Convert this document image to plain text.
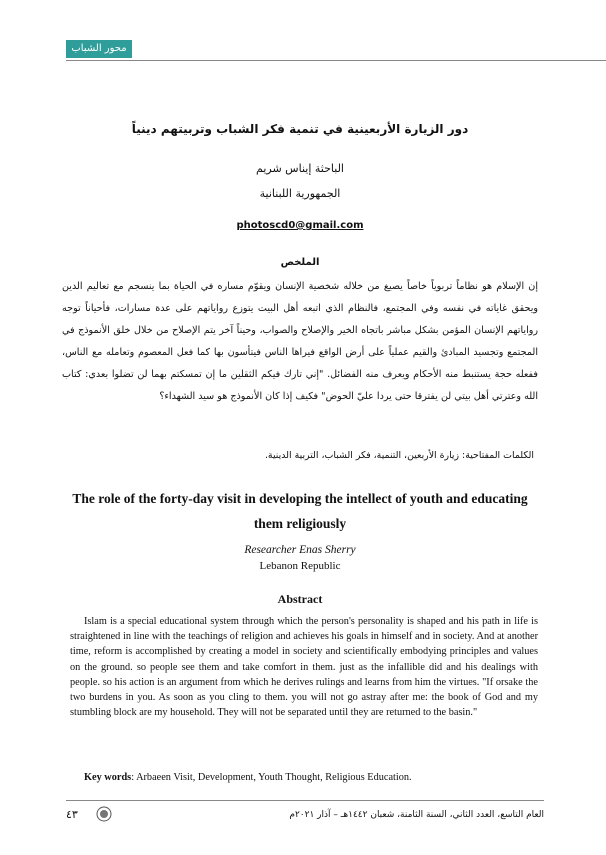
محور الشباب
دور الزيارة الأربعينية في تنمية فكر الشباب وتربيتهم دينياً
الباحثة إيناس شريم
الجمهورية اللبنانية
photoscd0@gmail.com
الملخص
إن الإسلام هو نظاماً تربوياً خاصاً يصيغ من خلاله شخصية الإنسان ويقوّم مساره في الحياة بما ينسجم مع تعاليم الدين ويحقق غاياته في نفسه وفي المجتمع، فالنظام الذي اتبعه أهل البيت يتوزع رواياتهم على عدة مسارات، فأحياناً توجه رواياتهم الإنسان المؤمن بشكل مباشر باتجاه الخير والإصلاح والصواب، وحيناً آخر يتم الإصلاح من خلال خلق الأنموذج في المجتمع وتجسيد المبادئ والقيم عملياً على أرض الواقع فيراها الناس فيتأسون بها كما فعل المعصوم وتعامله مع الناس، ففعله حجة يستنبط منه الأحكام ويعرف منه الفضائل. "إني تارك فيكم الثقلين ما إن تمسكتم بهما لن تضلوا بعدي: كتاب الله وعترتي أهل بيتي لن يفترقا حتى يردا عليّ الحوض" فكيف إذا كان الأنموذج هو سيد الشهداء؟
الكلمات المفتاحية: زيارة الأربعين، التنمية، فكر الشباب، التربية الدينية.
The role of the forty-day visit in developing the intellect of youth and educating them religiously
Researcher Enas Sherry
Lebanon Republic
Abstract
Islam is a special educational system through which the person's personality is shaped and his path in life is straightened in line with the teachings of religion and achieves his goals in himself and in society. And at another time, reform is accomplished by creating a model in society and scientifically embodying principles and values on the ground. so people see them and take comfort in them. just as the infallible did and his dealings with people. so his action is an argument from which he derives rulings and learns from him the virtues. "If orsake the two burdens in you. As soon as you cling to them. you will not go astray after me: the book of God and my stumbling block are my household. They will not be separated until they are returned to the basin."
Key words: Arbaeen Visit, Development, Youth Thought, Religious Education.
٤٣	العام التاسع، العدد الثاني، السنة الثامنة، شعبان ١٤٤٢هـ – آذار ٢٠٢١م
